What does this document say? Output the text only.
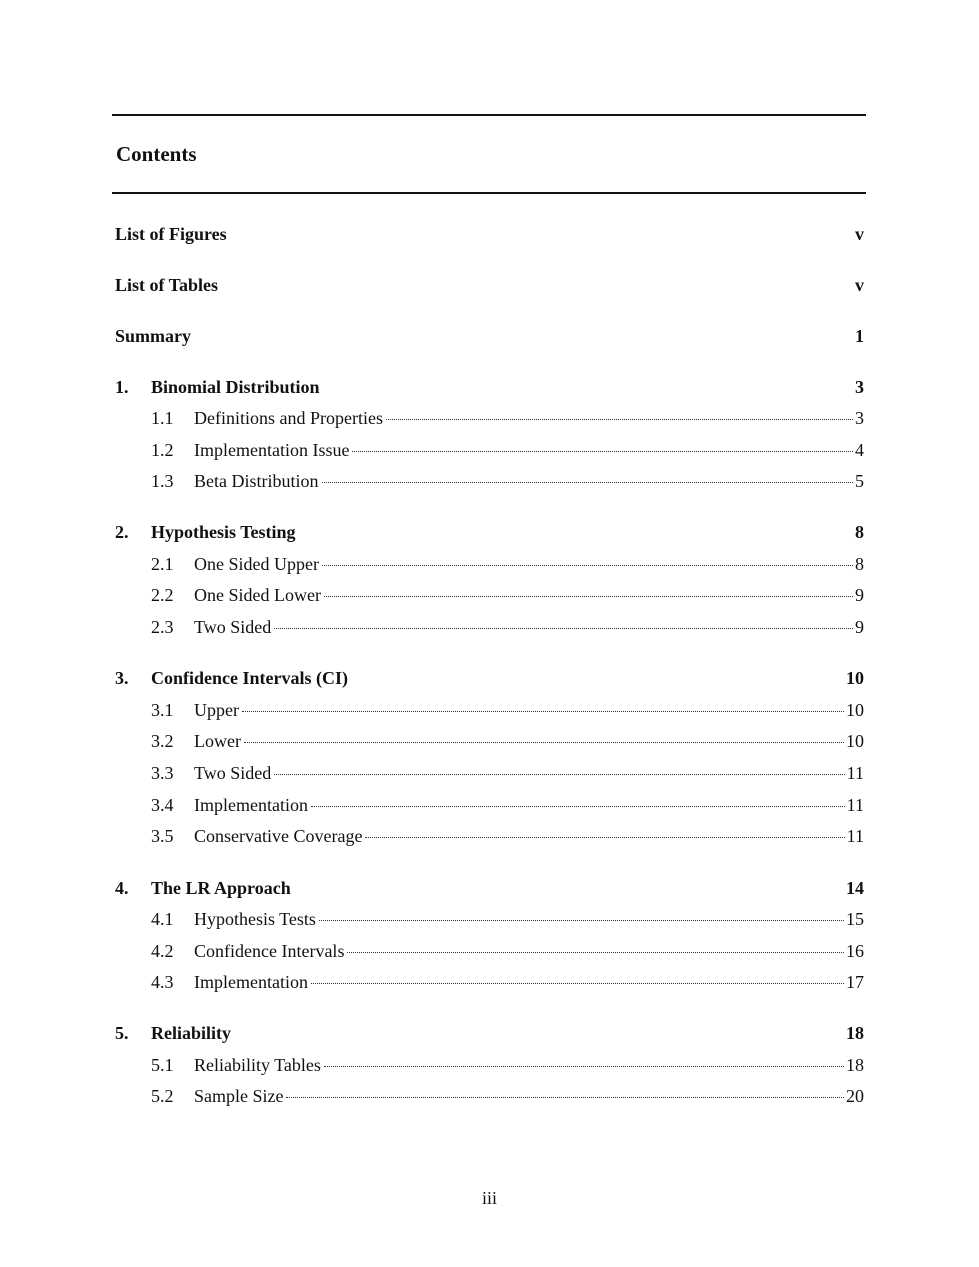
Contents
List of Figures	v
List of Tables	v
Summary	1
1.	Binomial Distribution	3
1.1	Definitions and Properties	3
1.2	Implementation Issue	4
1.3	Beta Distribution	5
2.	Hypothesis Testing	8
2.1	One Sided Upper	8
2.2	One Sided Lower	9
2.3	Two Sided	9
3.	Confidence Intervals (CI)	10
3.1	Upper	10
3.2	Lower	10
3.3	Two Sided	11
3.4	Implementation	11
3.5	Conservative Coverage	11
4.	The LR Approach	14
4.1	Hypothesis Tests	15
4.2	Confidence Intervals	16
4.3	Implementation	17
5.	Reliability	18
5.1	Reliability Tables	18
5.2	Sample Size	20
iii
